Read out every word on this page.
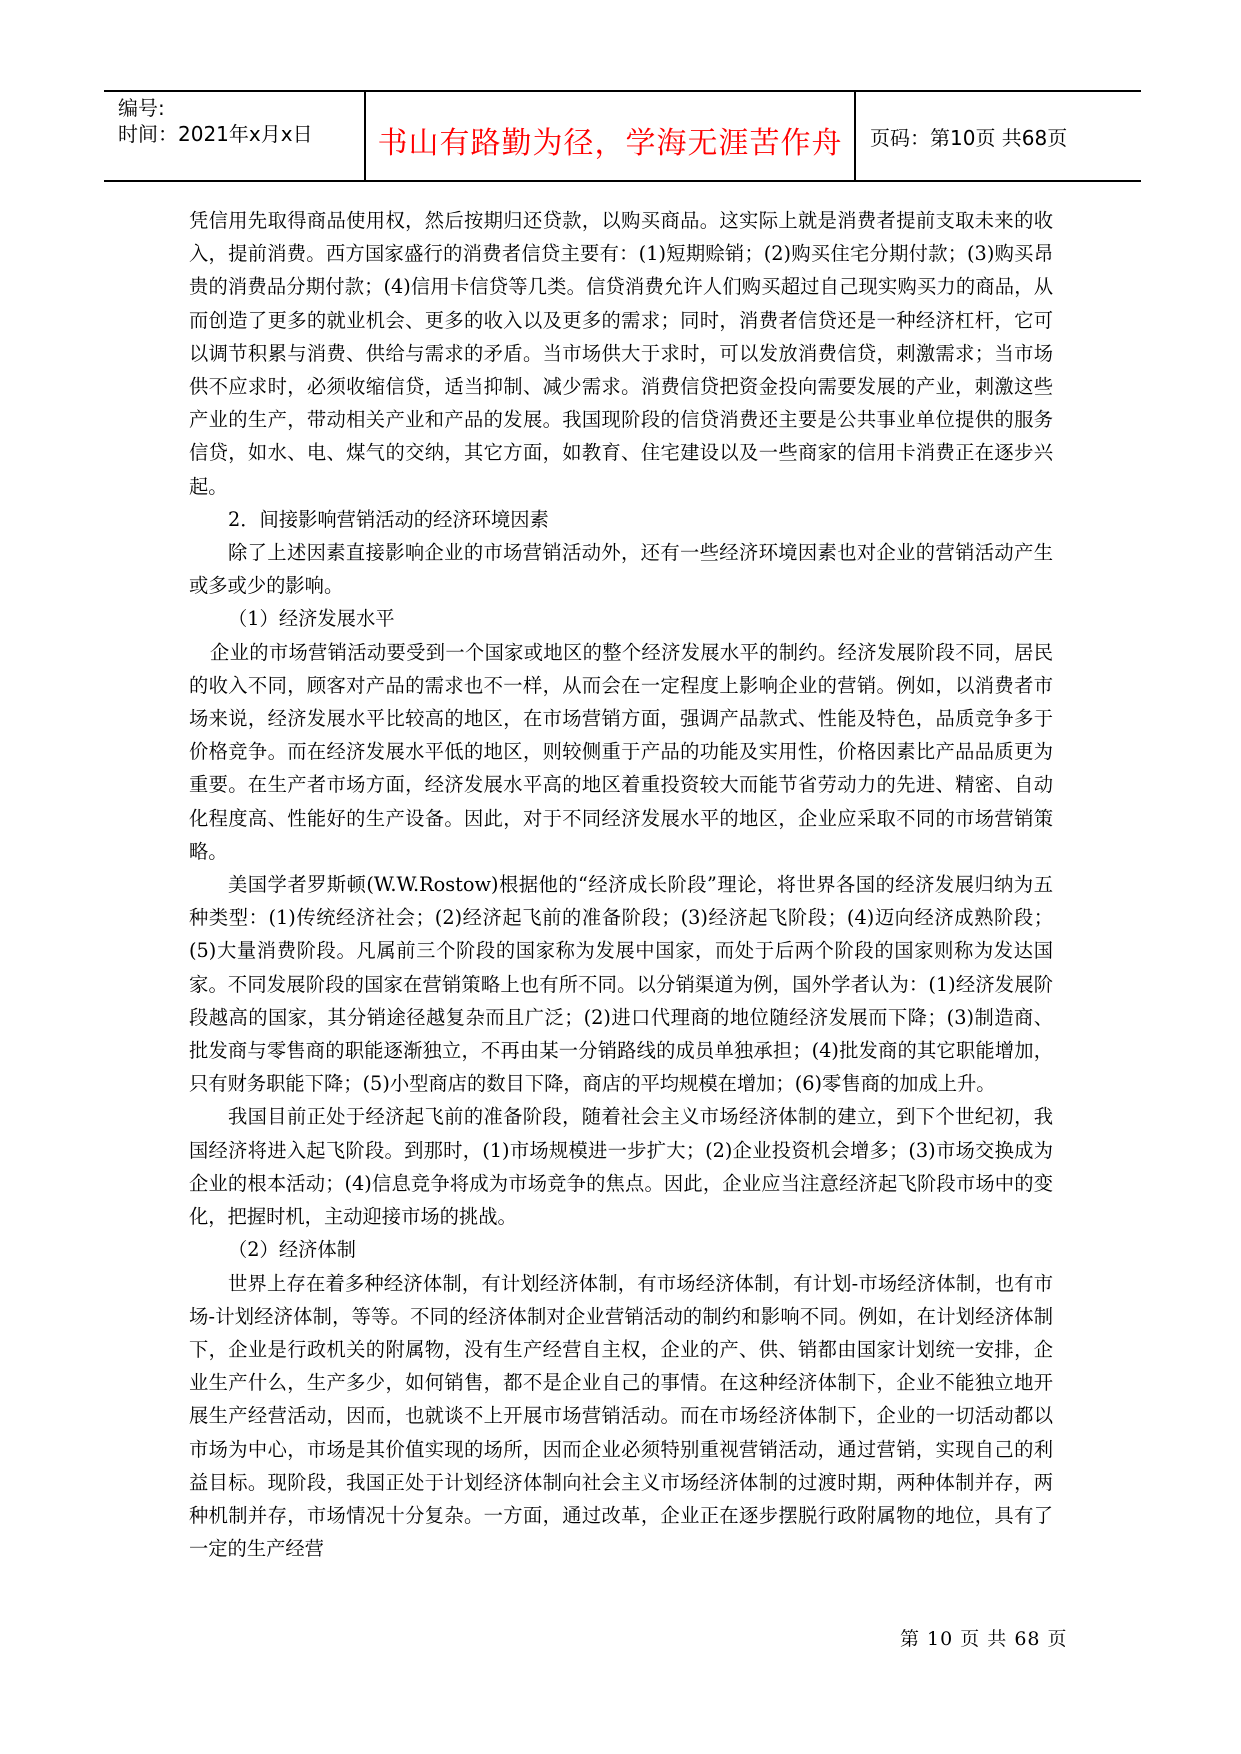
编号:
时间：2021年x月x日	书山有路勤为径，学海无涯苦作舟 页码：第10页 共68页

凭信用先取得商品使用权，然后按期归还贷款，以购买商品。这实际上就是消费者提前支取未来的收入，提前消费。西方国家盛行的消费者信贷主要有：(1)短期赊销；(2)购买住宅分期付款；(3)购买昂贵的消费品分期付款；(4)信用卡信贷等几类。信贷消费允许人们购买超过自己现实购买力的商品，从而创造了更多的就业机会、更多的收入以及更多的需求；同时，消费者信贷还是一种经济杠杆，它可以调节积累与消费、供给与需求的矛盾。当市场供大于求时，可以发放消费信贷，刺激需求；当市场供不应求时，必须收缩信贷，适当抑制、减少需求。消费信贷把资金投向需要发展的产业，刺激这些产业的生产，带动相关产业和产品的发展。我国现阶段的信贷消费还主要是公共事业单位提供的服务信贷，如水、电、煤气的交纳，其它方面，如教育、住宅建设以及一些商家的信用卡消费正在逐步兴起。

2．间接影响营销活动的经济环境因素

除了上述因素直接影响企业的市场营销活动外，还有一些经济环境因素也对企业的营销活动产生或多或少的影响。

（1）经济发展水平

企业的市场营销活动要受到一个国家或地区的整个经济发展水平的制约。经济发展阶段不同，居民的收入不同，顾客对产品的需求也不一样，从而会在一定程度上影响企业的营销。例如，以消费者市场来说，经济发展水平比较高的地区，在市场营销方面，强调产品款式、性能及特色，品质竞争多于价格竞争。而在经济发展水平低的地区，则较侧重于产品的功能及实用性，价格因素比产品品质更为重要。在生产者市场方面，经济发展水平高的地区着重投资较大而能节省劳动力的先进、精密、自动化程度高、性能好的生产设备。因此，对于不同经济发展水平的地区，企业应采取不同的市场营销策略。

美国学者罗斯顿(W.W.Rostow)根据他的“经济成长阶段”理论，将世界各国的经济发展归纳为五种类型：(1)传统经济社会；(2)经济起飞前的准备阶段；(3)经济起飞阶段；(4)迈向经济成熟阶段；(5)大量消费阶段。凡属前三个阶段的国家称为发展中国家，而处于后两个阶段的国家则称为发达国家。不同发展阶段的国家在营销策略上也有所不同。以分销渠道为例，国外学者认为：(1)经济发展阶段越高的国家，其分销途径越复杂而且广泛；(2)进口代理商的地位随经济发展而下降；(3)制造商、批发商与零售商的职能逐渐独立，不再由某一分销路线的成员单独承担；(4)批发商的其它职能增加，只有财务职能下降；(5)小型商店的数目下降，商店的平均规模在增加；(6)零售商的加成上升。

我国目前正处于经济起飞前的准备阶段，随着社会主义市场经济体制的建立，到下个世纪初，我国经济将进入起飞阶段。到那时，(1)市场规模进一步扩大；(2)企业投资机会增多；(3)市场交换成为企业的根本活动；(4)信息竞争将成为市场竞争的焦点。因此，企业应当注意经济起飞阶段市场中的变化，把握时机，主动迎接市场的挑战。

（2）经济体制

世界上存在着多种经济体制，有计划经济体制，有市场经济体制，有计划-市场经济体制，也有市场-计划经济体制，等等。不同的经济体制对企业营销活动的制约和影响不同。例如，在计划经济体制下，企业是行政机关的附属物，没有生产经营自主权，企业的产、供、销都由国家计划统一安排，企业生产什么，生产多少，如何销售，都不是企业自己的事情。在这种经济体制下，企业不能独立地开展生产经营活动，因而，也就谈不上开展市场营销活动。而在市场经济体制下，企业的一切活动都以市场为中心，市场是其价值实现的场所，因而企业必须特别重视营销活动，通过营销，实现自己的利益目标。现阶段，我国正处于计划经济体制向社会主义市场经济体制的过渡时期，两种体制并存，两种机制并存，市场情况十分复杂。一方面，通过改革，企业正在逐步摆脱行政附属物的地位，具有了一定的生产经营

第 10 页 共 68 页
